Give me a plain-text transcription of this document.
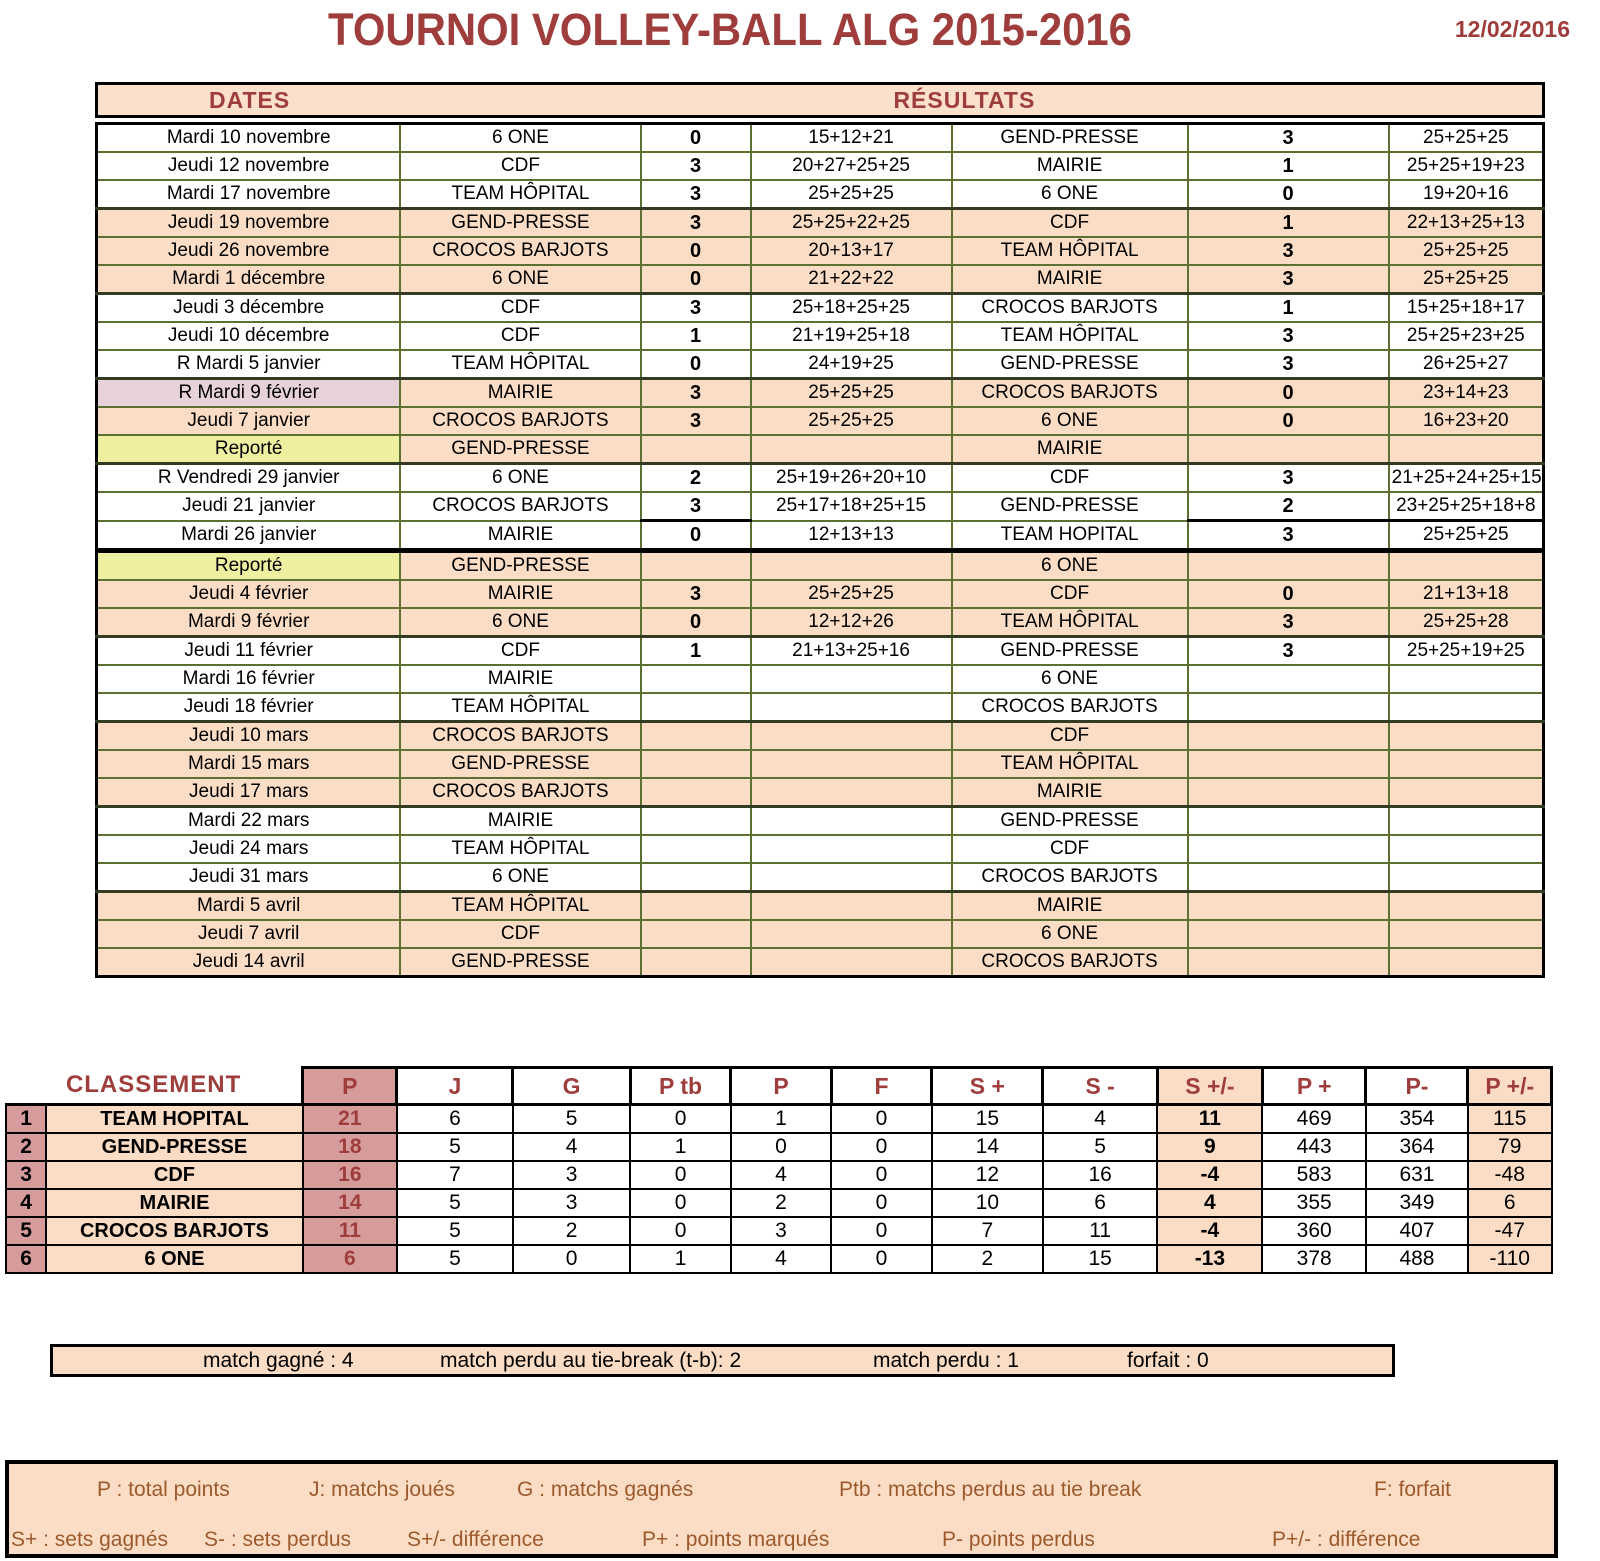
TOURNOI VOLLEY-BALL ALG 2015-2016	12/02/2016
DATES	RÉSULTATS
Mardi 10 novembre	6 ONE	0	15+12+21	GEND-PRESSE	3	25+25+25
Jeudi 12 novembre	CDF	3	20+27+25+25	MAIRIE	1	25+25+19+23
Mardi 17 novembre	TEAM HÔPITAL	3	25+25+25	6 ONE	0	19+20+16
Jeudi 19 novembre	GEND-PRESSE	3	25+25+22+25	CDF	1	22+13+25+13
Jeudi 26 novembre	CROCOS BARJOTS	0	20+13+17	TEAM HÔPITAL	3	25+25+25
Mardi 1 décembre	6 ONE	0	21+22+22	MAIRIE	3	25+25+25
Jeudi 3 décembre	CDF	3	25+18+25+25	CROCOS BARJOTS	1	15+25+18+17
Jeudi 10 décembre	CDF	1	21+19+25+18	TEAM HÔPITAL	3	25+25+23+25
R Mardi 5 janvier	TEAM HÔPITAL	0	24+19+25	GEND-PRESSE	3	26+25+27
R Mardi 9 février	MAIRIE	3	25+25+25	CROCOS BARJOTS	0	23+14+23
Jeudi 7 janvier	CROCOS BARJOTS	3	25+25+25	6 ONE	0	16+23+20
Reporté	GEND-PRESSE			MAIRIE		
R Vendredi 29 janvier	6 ONE	2	25+19+26+20+10	CDF	3	21+25+24+25+15
Jeudi 21 janvier	CROCOS BARJOTS	3	25+17+18+25+15	GEND-PRESSE	2	23+25+25+18+8
Mardi 26 janvier	MAIRIE	0	12+13+13	TEAM HOPITAL	3	25+25+25
Reporté	GEND-PRESSE			6 ONE		
Jeudi 4 février	MAIRIE	3	25+25+25	CDF	0	21+13+18
Mardi 9 février	6 ONE	0	12+12+26	TEAM HÔPITAL	3	25+25+28
Jeudi 11 février	CDF	1	21+13+25+16	GEND-PRESSE	3	25+25+19+25
Mardi 16 février	MAIRIE			6 ONE		
Jeudi 18 février	TEAM HÔPITAL			CROCOS BARJOTS		
Jeudi 10 mars	CROCOS BARJOTS			CDF		
Mardi 15 mars	GEND-PRESSE			TEAM HÔPITAL		
Jeudi 17 mars	CROCOS BARJOTS			MAIRIE		
Mardi 22 mars	MAIRIE			GEND-PRESSE		
Jeudi 24 mars	TEAM HÔPITAL			CDF		
Jeudi 31 mars	6 ONE			CROCOS BARJOTS		
Mardi 5 avril	TEAM HÔPITAL			MAIRIE		
Jeudi 7 avril	CDF			6 ONE		
Jeudi 14 avril	GEND-PRESSE			CROCOS BARJOTS		
CLASSEMENT		P	J	G	P tb	P	F	S +	S -	S +/-	P +	P-	P +/-
1	TEAM HOPITAL	21	6	5	0	1	0	15	4	11	469	354	115
2	GEND-PRESSE	18	5	4	1	0	0	14	5	9	443	364	79
3	CDF	16	7	3	0	4	0	12	16	-4	583	631	-48
4	MAIRIE	14	5	3	0	2	0	10	6	4	355	349	6
5	CROCOS BARJOTS	11	5	2	0	3	0	7	11	-4	360	407	-47
6	6 ONE	6	5	0	1	4	0	2	15	-13	378	488	-110
match gagné : 4	match perdu au tie-break (t-b): 2	match perdu : 1	forfait : 0
P : total points	J: matchs joués	G : matchs gagnés	Ptb : matchs perdus au tie break	F: forfait
S+ : sets gagnés S- : sets perdus	S+/- différence	P+ : points marqués	P- points perdus	P+/- : différence
